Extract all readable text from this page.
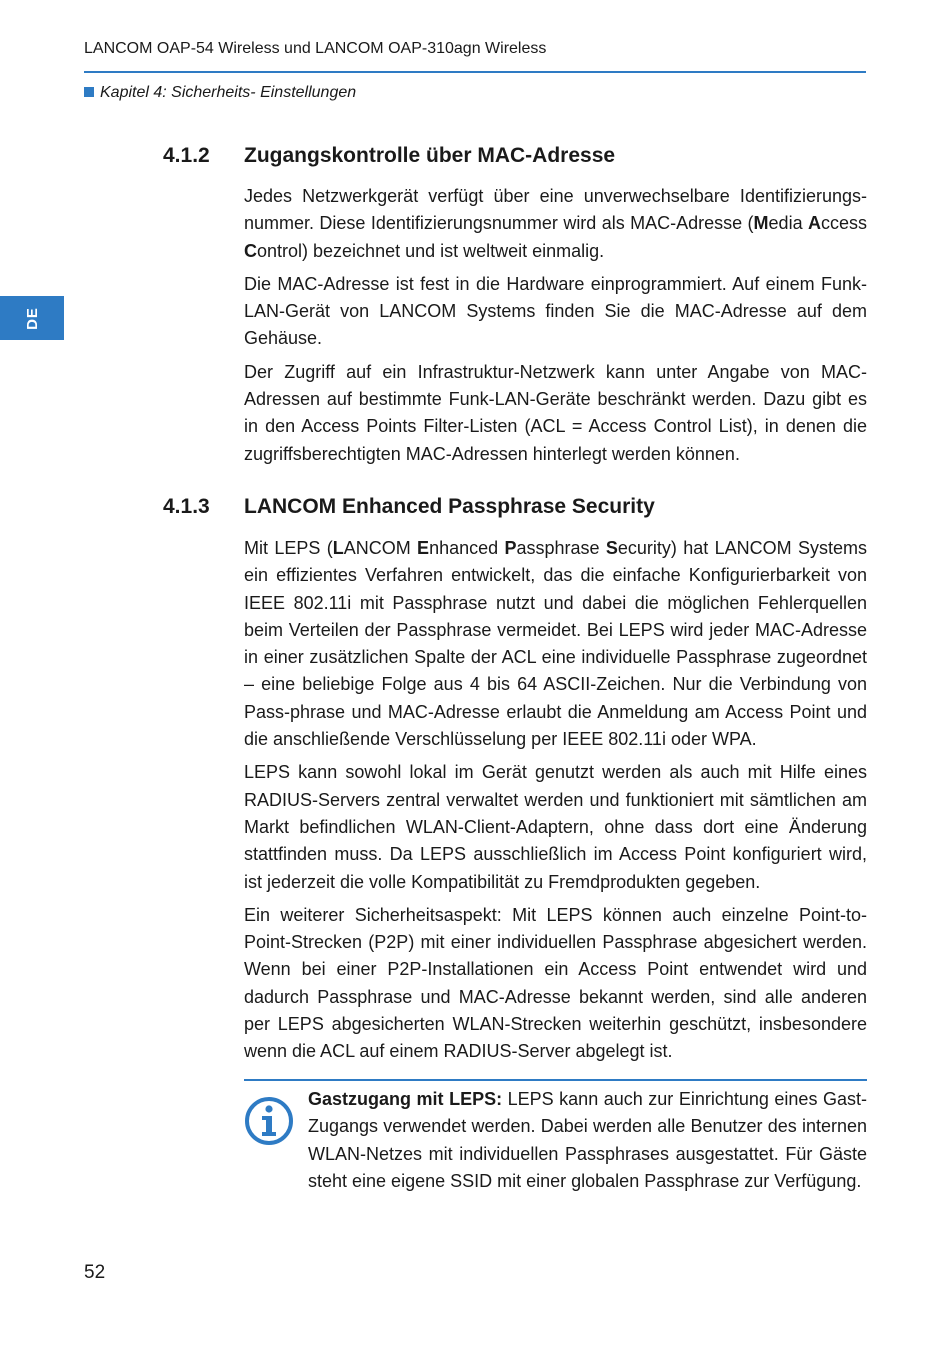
LANCOM OAP-54 Wireless und LANCOM OAP-310agn Wireless
Kapitel 4: Sicherheits- Einstellungen
DE
4.1.2 Zugangskontrolle über MAC-Adresse

Jedes Netzwerkgerät verfügt über eine unverwechselbare Identifizierungs-nummer. Diese Identifizierungsnummer wird als MAC-Adresse (Media Access Control) bezeichnet und ist weltweit einmalig.

Die MAC-Adresse ist fest in die Hardware einprogrammiert. Auf einem Funk-LAN-Gerät von LANCOM Systems finden Sie die MAC-Adresse auf dem Gehäuse.

Der Zugriff auf ein Infrastruktur-Netzwerk kann unter Angabe von MAC-Adressen auf bestimmte Funk-LAN-Geräte beschränkt werden. Dazu gibt es in den Access Points Filter-Listen (ACL = Access Control List), in denen die zugriffsberechtigten MAC-Adressen hinterlegt werden können.

4.1.3 LANCOM Enhanced Passphrase Security

Mit LEPS (LANCOM Enhanced Passphrase Security) hat LANCOM Systems ein effizientes Verfahren entwickelt, das die einfache Konfigurierbarkeit von IEEE 802.11i mit Passphrase nutzt und dabei die möglichen Fehlerquellen beim Verteilen der Passphrase vermeidet. Bei LEPS wird jeder MAC-Adresse in einer zusätzlichen Spalte der ACL eine individuelle Passphrase zugeordnet – eine beliebige Folge aus 4 bis 64 ASCII-Zeichen. Nur die Verbindung von Pass-phrase und MAC-Adresse erlaubt die Anmeldung am Access Point und die anschließende Verschlüsselung per IEEE 802.11i oder WPA.

LEPS kann sowohl lokal im Gerät genutzt werden als auch mit Hilfe eines RADIUS-Servers zentral verwaltet werden und funktioniert mit sämtlichen am Markt befindlichen WLAN-Client-Adaptern, ohne dass dort eine Änderung stattfinden muss. Da LEPS ausschließlich im Access Point konfiguriert wird, ist jederzeit die volle Kompatibilität zu Fremdprodukten gegeben.

Ein weiterer Sicherheitsaspekt: Mit LEPS können auch einzelne Point-to-Point-Strecken (P2P) mit einer individuellen Passphrase abgesichert werden. Wenn bei einer P2P-Installationen ein Access Point entwendet wird und dadurch Passphrase und MAC-Adresse bekannt werden, sind alle anderen per LEPS abgesicherten WLAN-Strecken weiterhin geschützt, insbesondere wenn die ACL auf einem RADIUS-Server abgelegt ist.

Gastzugang mit LEPS: LEPS kann auch zur Einrichtung eines Gast-Zugangs verwendet werden. Dabei werden alle Benutzer des internen WLAN-Netzes mit individuellen Passphrases ausgestattet. Für Gäste steht eine eigene SSID mit einer globalen Passphrase zur Verfügung.
52
